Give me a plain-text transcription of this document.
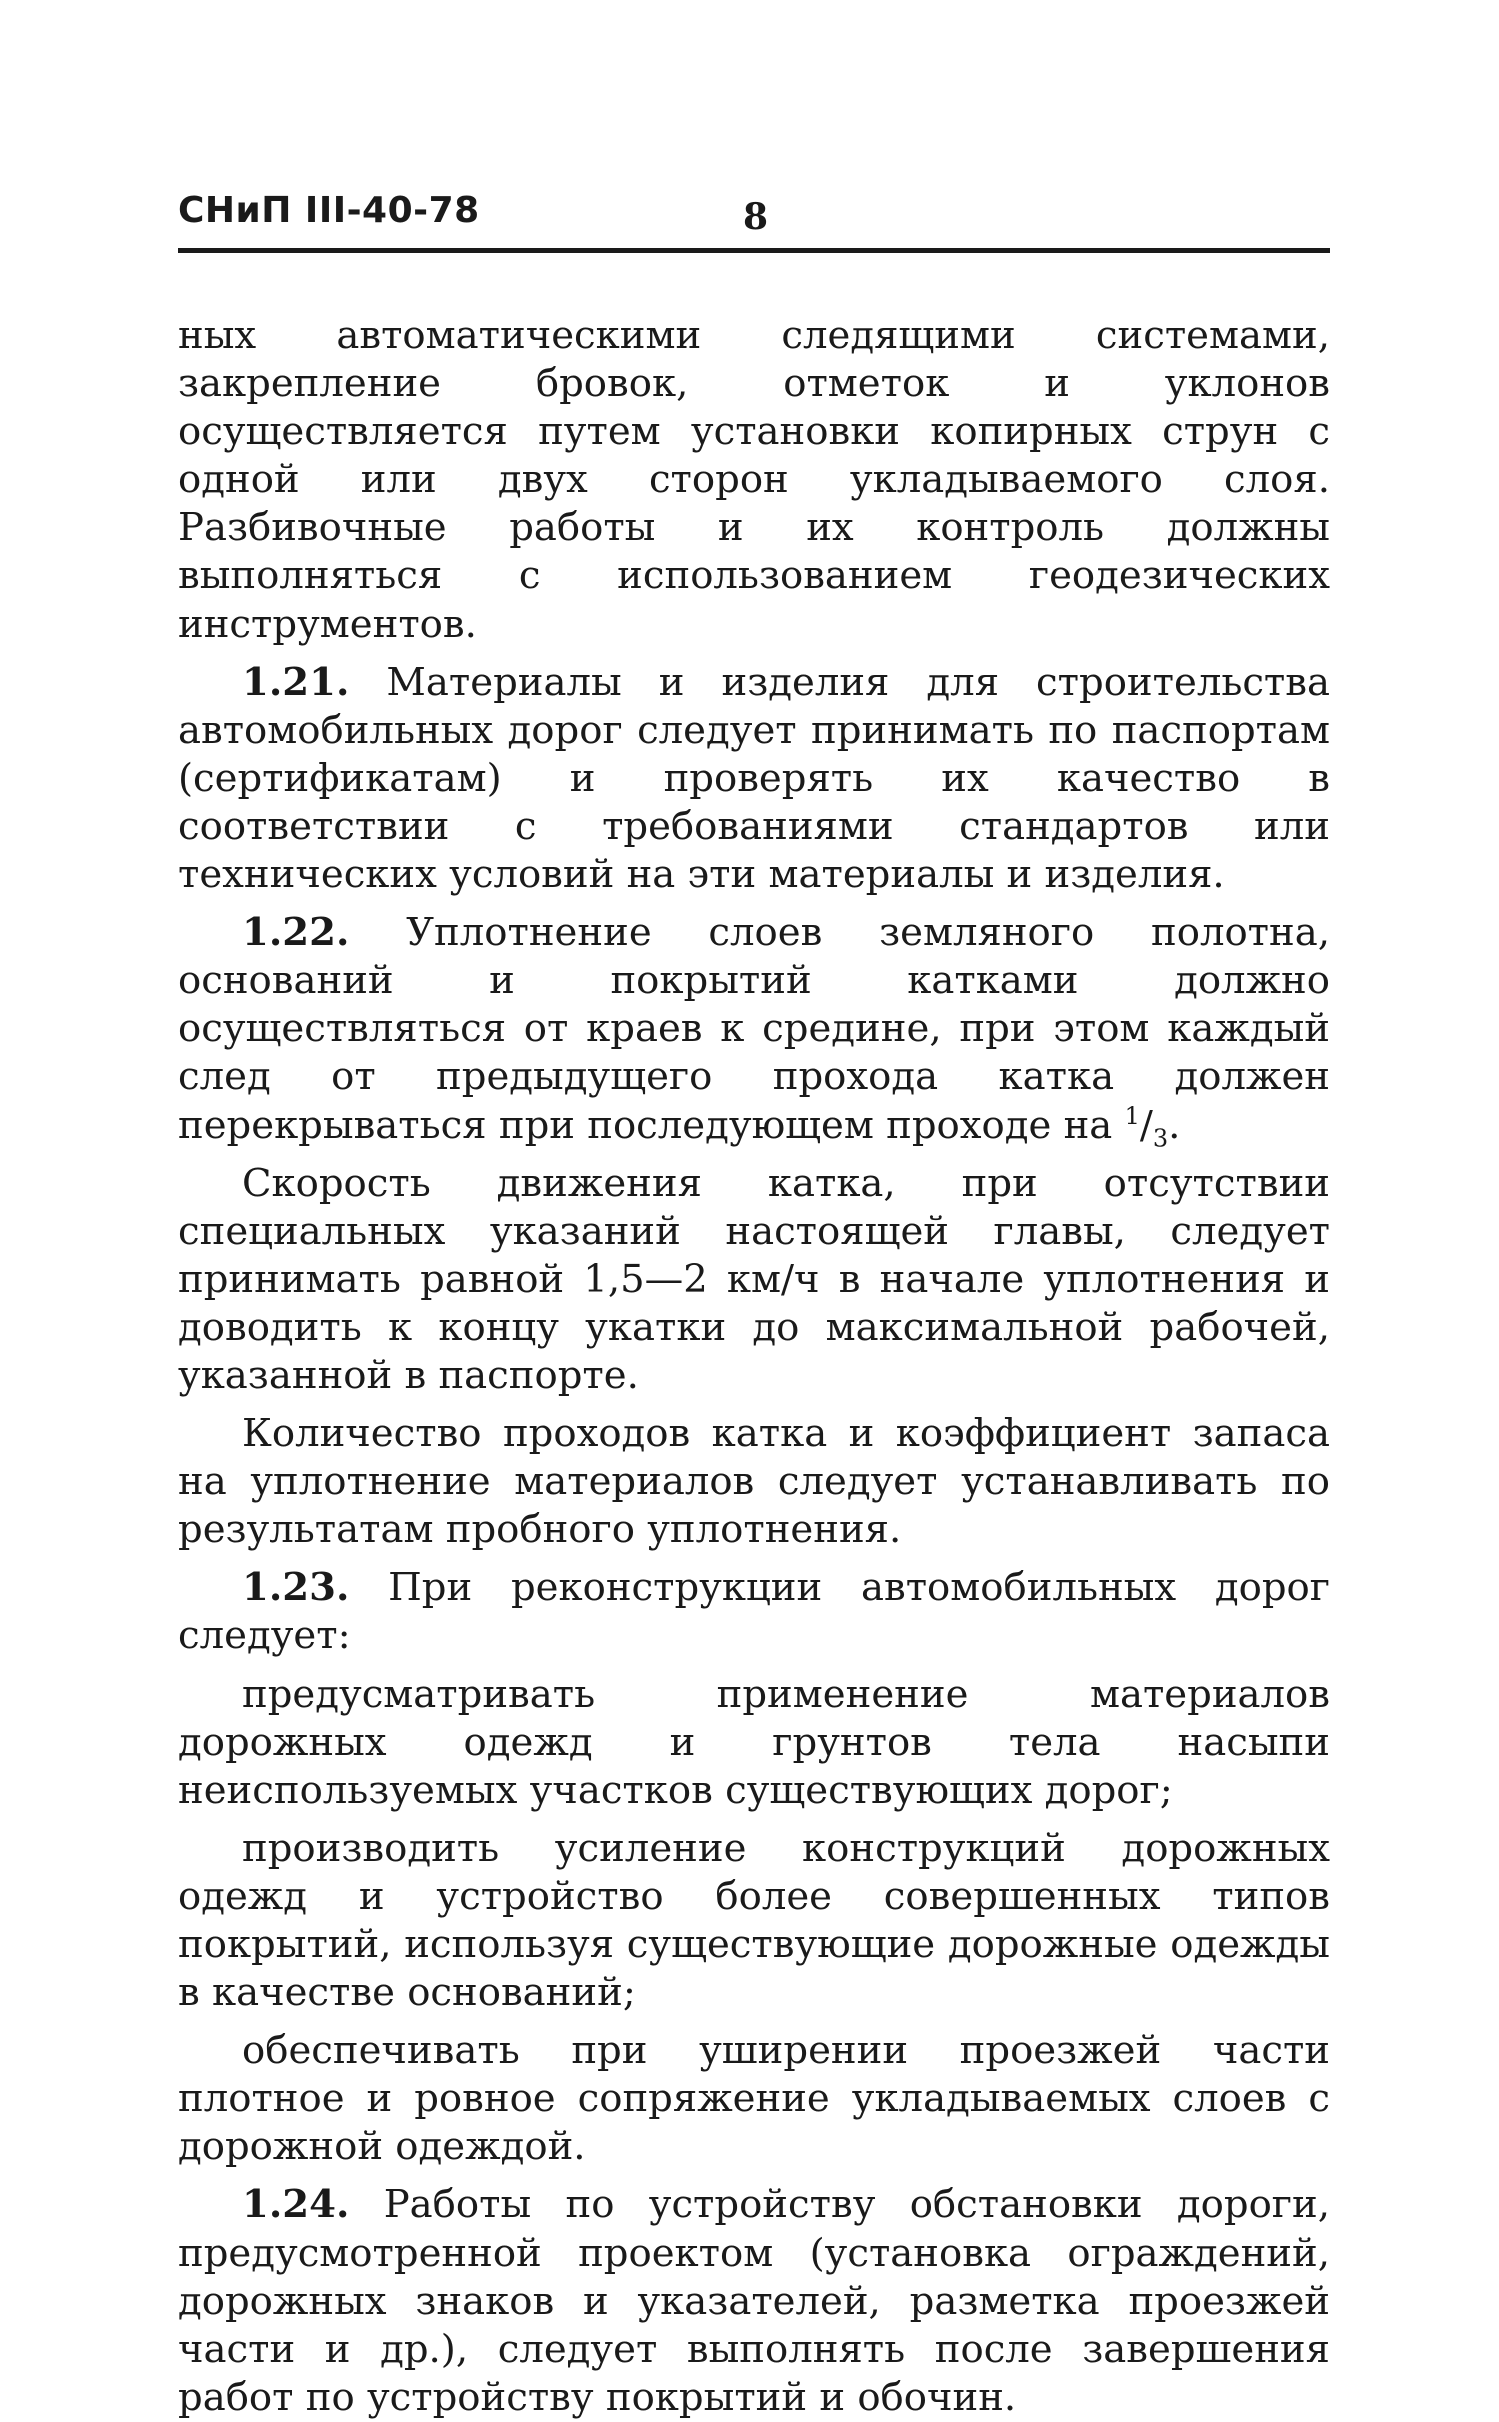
СНиП III-40-78	8

ных автоматическими следящими системами, закрепление бровок, отметок и уклонов осуществляется путем установки копирных струн с одной или двух сторон укладываемого слоя. Разбивочные работы и их контроль должны выполняться с использованием геодезических инструментов.

1.21. Материалы и изделия для строительства автомобильных дорог следует принимать по паспортам (сертификатам) и проверять их качество в соответствии с требованиями стандартов или технических условий на эти материалы и изделия.

1.22. Уплотнение слоев земляного полотна, оснований и покрытий катками должно осуществляться от краев к средине, при этом каждый след от предыдущего прохода катка должен перекрываться при последующем проходе на $^1/_3$.

Скорость движения катка, при отсутствии специальных указаний настоящей главы, следует принимать равной 1,5—2 км/ч в начале уплотнения и доводить к концу укатки до максимальной рабочей, указанной в паспорте.

Количество проходов катка и коэффициент запаса на уплотнение материалов следует устанавливать по результатам пробного уплотнения.

1.23. При реконструкции автомобильных дорог следует:

предусматривать применение материалов дорожных одежд и грунтов тела насыпи неиспользуемых участков существующих дорог;

производить усиление конструкций дорожных одежд и устройство более совершенных типов покрытий, используя существующие дорожные одежды в качестве оснований;

обеспечивать при уширении проезжей части плотное и ровное сопряжение укладываемых слоев с дорожной одеждой.

1.24. Работы по устройству обстановки дороги, предусмотренной проектом (установка ограждений, дорожных знаков и указателей, разметка проезжей части и др.), следует выполнять после завершения работ по устройству покрытий и обочин.
